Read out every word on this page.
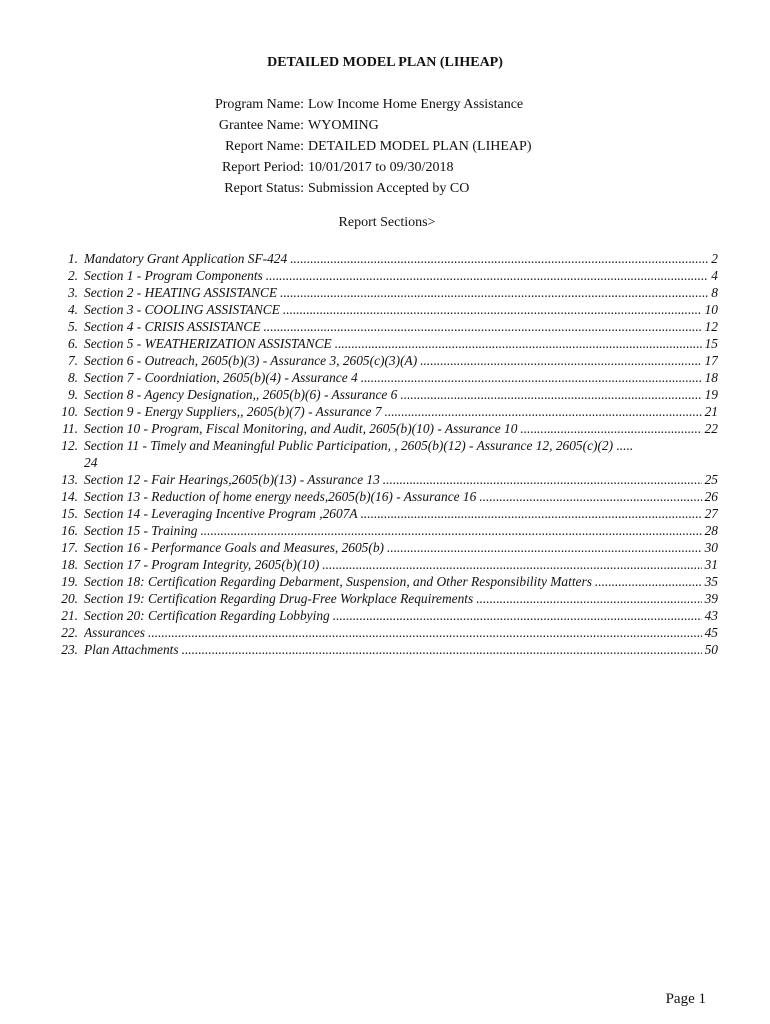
DETAILED MODEL PLAN (LIHEAP)
Program Name: Low Income Home Energy Assistance
Grantee Name: WYOMING
Report Name: DETAILED MODEL PLAN (LIHEAP)
Report Period: 10/01/2017 to 09/30/2018
Report Status: Submission Accepted by CO
Report Sections>
1. Mandatory Grant Application SF-424 .....	2
2. Section 1 - Program Components .....	4
3. Section 2 - HEATING ASSISTANCE .....	8
4. Section 3 - COOLING ASSISTANCE .....	10
5. Section 4 - CRISIS ASSISTANCE .....	12
6. Section 5 - WEATHERIZATION ASSISTANCE .....	15
7. Section 6 - Outreach, 2605(b)(3) - Assurance 3, 2605(c)(3)(A) .....	17
8. Section 7 - Coordniation, 2605(b)(4) - Assurance 4 .....	18
9. Section 8 - Agency Designation,, 2605(b)(6) - Assurance 6 .....	19
10. Section 9 - Energy Suppliers,, 2605(b)(7) - Assurance 7 .....	21
11. Section 10 - Program, Fiscal Monitoring, and Audit, 2605(b)(10) - Assurance 10 .....	22
12. Section 11 - Timely and Meaningful Public Participation, , 2605(b)(12) - Assurance 12, 2605(c)(2) .....
24
13. Section 12 - Fair Hearings,2605(b)(13) - Assurance 13 .....	25
14. Section 13 - Reduction of home energy needs,2605(b)(16) - Assurance 16 .....	26
15. Section 14 - Leveraging Incentive Program ,2607A .....	27
16. Section 15 - Training .....	28
17. Section 16 - Performance Goals and Measures, 2605(b) .....	30
18. Section 17 - Program Integrity, 2605(b)(10) .....	31
19. Section 18: Certification Regarding Debarment, Suspension, and Other Responsibility Matters .....	35
20. Section 19: Certification Regarding Drug-Free Workplace Requirements .....	39
21. Section 20: Certification Regarding Lobbying .....	43
22. Assurances .....	45
23. Plan Attachments .....	50
Page 1
